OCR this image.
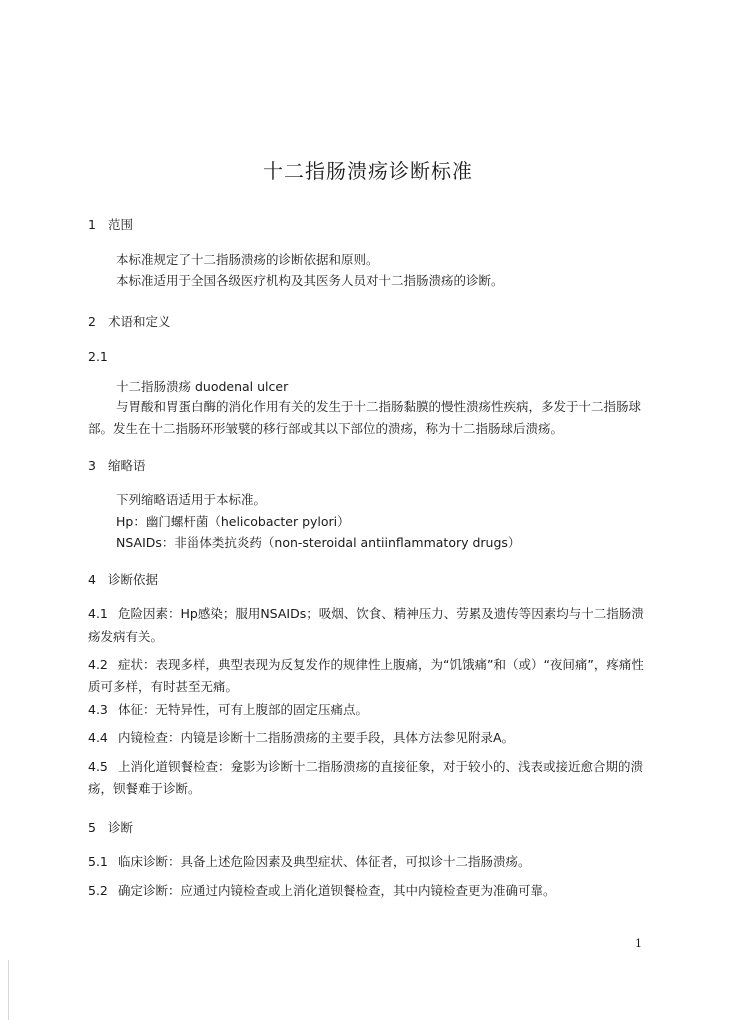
十二指肠溃疡诊断标准
1 范围
本标准规定了十二指肠溃疡的诊断依据和原则。
本标准适用于全国各级医疗机构及其医务人员对十二指肠溃疡的诊断。
2 术语和定义
2.1
十二指肠溃疡 duodenal ulcer
与胃酸和胃蛋白酶的消化作用有关的发生于十二指肠黏膜的慢性溃疡性疾病，多发于十二指肠球
部。发生在十二指肠环形皱襞的移行部或其以下部位的溃疡，称为十二指肠球后溃疡。
3 缩略语
下列缩略语适用于本标准。
Hp：幽门螺杆菌（helicobacter pylori）
NSAIDs：非甾体类抗炎药（non-steroidal antiinflammatory drugs）
4 诊断依据
4.1 危险因素：Hp感染；服用NSAIDs；吸烟、饮食、精神压力、劳累及遗传等因素均与十二指肠溃
疡发病有关。
4.2 症状：表现多样，典型表现为反复发作的规律性上腹痛，为“饥饿痛”和（或）“夜间痛”，疼痛性
质可多样，有时甚至无痛。
4.3 体征：无特异性，可有上腹部的固定压痛点。
4.4 内镜检查：内镜是诊断十二指肠溃疡的主要手段，具体方法参见附录A。
4.5 上消化道钡餐检查：龛影为诊断十二指肠溃疡的直接征象，对于较小的、浅表或接近愈合期的溃
疡，钡餐难于诊断。
5 诊断
5.1 临床诊断：具备上述危险因素及典型症状、体征者，可拟诊十二指肠溃疡。
5.2 确定诊断：应通过内镜检查或上消化道钡餐检查，其中内镜检查更为准确可靠。
1
